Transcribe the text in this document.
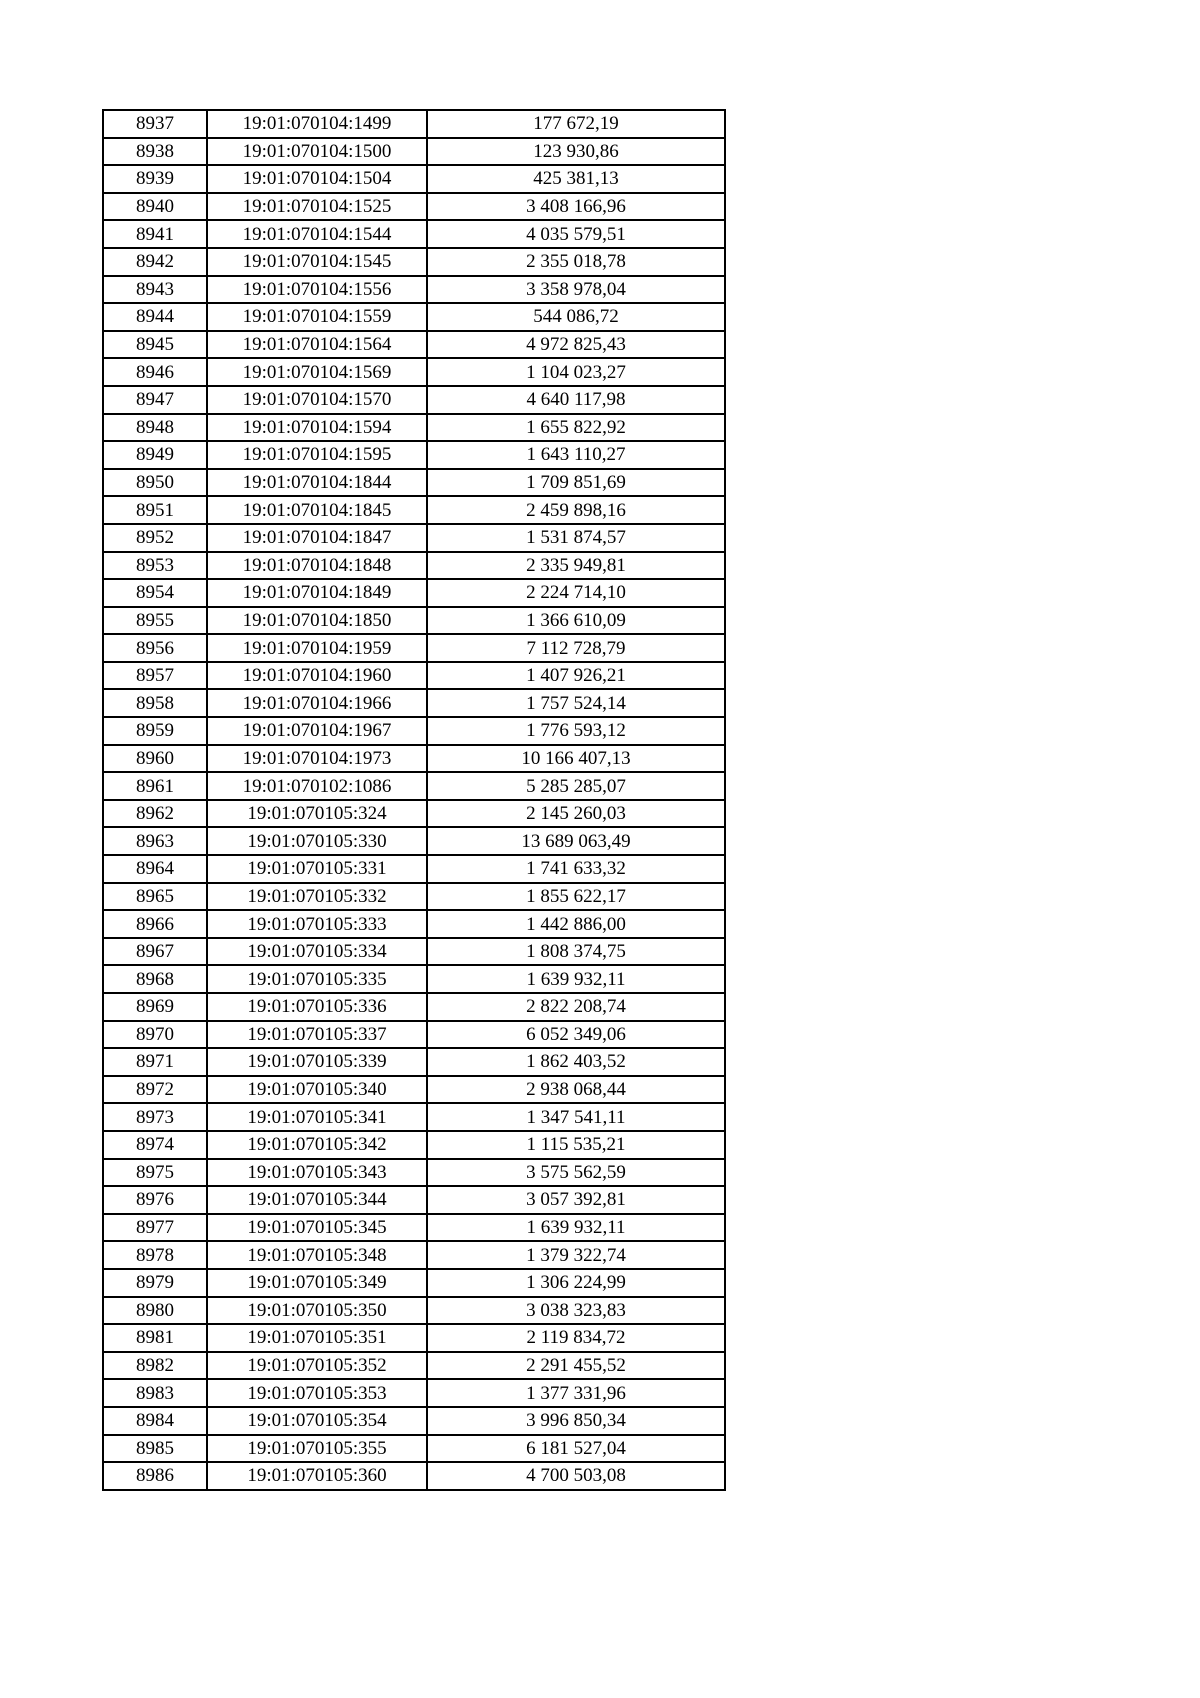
8937	19:01:070104:1499	177 672,19
8938	19:01:070104:1500	123 930,86
8939	19:01:070104:1504	425 381,13
8940	19:01:070104:1525	3 408 166,96
8941	19:01:070104:1544	4 035 579,51
8942	19:01:070104:1545	2 355 018,78
8943	19:01:070104:1556	3 358 978,04
8944	19:01:070104:1559	544 086,72
8945	19:01:070104:1564	4 972 825,43
8946	19:01:070104:1569	1 104 023,27
8947	19:01:070104:1570	4 640 117,98
8948	19:01:070104:1594	1 655 822,92
8949	19:01:070104:1595	1 643 110,27
8950	19:01:070104:1844	1 709 851,69
8951	19:01:070104:1845	2 459 898,16
8952	19:01:070104:1847	1 531 874,57
8953	19:01:070104:1848	2 335 949,81
8954	19:01:070104:1849	2 224 714,10
8955	19:01:070104:1850	1 366 610,09
8956	19:01:070104:1959	7 112 728,79
8957	19:01:070104:1960	1 407 926,21
8958	19:01:070104:1966	1 757 524,14
8959	19:01:070104:1967	1 776 593,12
8960	19:01:070104:1973	10 166 407,13
8961	19:01:070102:1086	5 285 285,07
8962	19:01:070105:324	2 145 260,03
8963	19:01:070105:330	13 689 063,49
8964	19:01:070105:331	1 741 633,32
8965	19:01:070105:332	1 855 622,17
8966	19:01:070105:333	1 442 886,00
8967	19:01:070105:334	1 808 374,75
8968	19:01:070105:335	1 639 932,11
8969	19:01:070105:336	2 822 208,74
8970	19:01:070105:337	6 052 349,06
8971	19:01:070105:339	1 862 403,52
8972	19:01:070105:340	2 938 068,44
8973	19:01:070105:341	1 347 541,11
8974	19:01:070105:342	1 115 535,21
8975	19:01:070105:343	3 575 562,59
8976	19:01:070105:344	3 057 392,81
8977	19:01:070105:345	1 639 932,11
8978	19:01:070105:348	1 379 322,74
8979	19:01:070105:349	1 306 224,99
8980	19:01:070105:350	3 038 323,83
8981	19:01:070105:351	2 119 834,72
8982	19:01:070105:352	2 291 455,52
8983	19:01:070105:353	1 377 331,96
8984	19:01:070105:354	3 996 850,34
8985	19:01:070105:355	6 181 527,04
8986	19:01:070105:360	4 700 503,08
